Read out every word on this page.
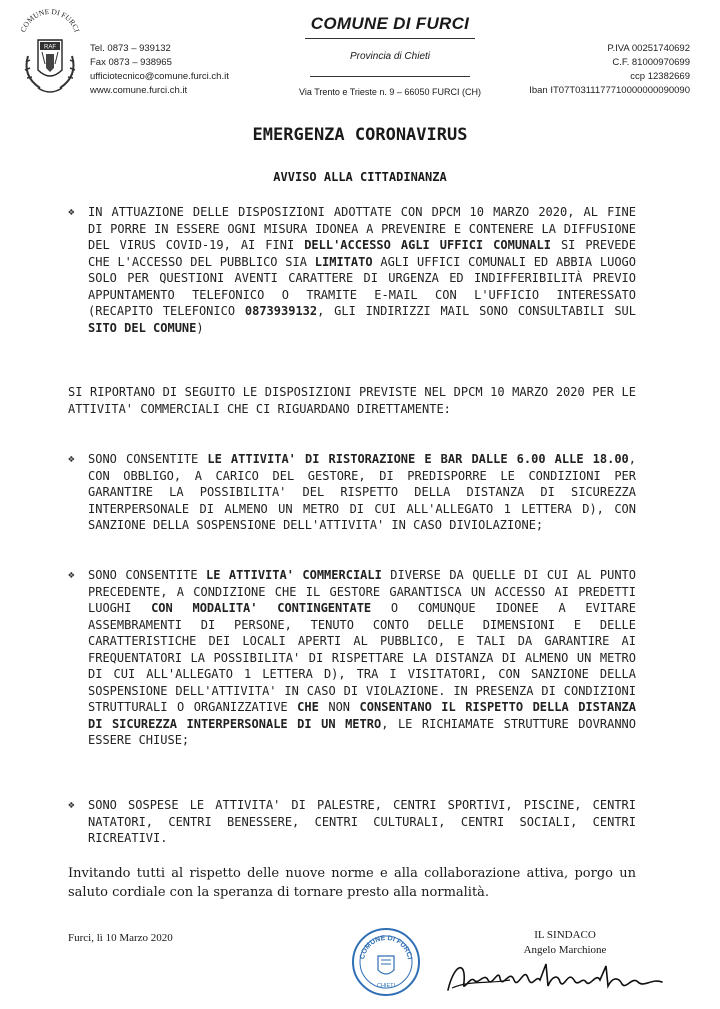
COMUNE DI FURCI
RAF	Tel. 0873 – 939132
Fax 0873 – 938965
ufficiotecnico@comune.furci.ch.it
www.comune.furci.ch.it
COMUNE DI FURCI
Provincia di Chieti
Via Trento e Trieste n. 9 – 66050 FURCI (CH)
P.IVA 00251740692
C.F. 81000970699
ccp 12382669
Iban IT07T0311177710000000090090
EMERGENZA CORONAVIRUS
AVVISO ALLA CITTADINANZA
❖ IN ATTUAZIONE DELLE DISPOSIZIONI ADOTTATE CON DPCM 10 MARZO 2020, AL FINE DI PORRE IN ESSERE OGNI MISURA IDONEA A PREVENIRE E CONTENERE LA DIFFUSIONE DEL VIRUS COVID-19, AI FINI DELL'ACCESSO AGLI UFFICI COMUNALI SI PREVEDE CHE L'ACCESSO DEL PUBBLICO SIA LIMITATO AGLI UFFICI COMUNALI ED ABBIA LUOGO SOLO PER QUESTIONI AVENTI CARATTERE DI URGENZA ED INDIFFERIBILITÀ PREVIO APPUNTAMENTO TELEFONICO O TRAMITE E-MAIL CON L'UFFICIO INTERESSATO (RECAPITO TELEFONICO 0873939132, GLI INDIRIZZI MAIL SONO CONSULTABILI SUL SITO DEL COMUNE)
SI RIPORTANO DI SEGUITO LE DISPOSIZIONI PREVISTE NEL DPCM 10 MARZO 2020 PER LE ATTIVITA' COMMERCIALI CHE CI RIGUARDANO DIRETTAMENTE:
❖ SONO CONSENTITE LE ATTIVITA' DI RISTORAZIONE E BAR DALLE 6.00 ALLE 18.00, CON OBBLIGO, A CARICO DEL GESTORE, DI PREDISPORRE LE CONDIZIONI PER GARANTIRE LA POSSIBILITA' DEL RISPETTO DELLA DISTANZA DI SICUREZZA INTERPERSONALE DI ALMENO UN METRO DI CUI ALL'ALLEGATO 1 LETTERA D), CON SANZIONE DELLA SOSPENSIONE DELL'ATTIVITA' IN CASO DIVIOLAZIONE;
❖ SONO CONSENTITE LE ATTIVITA' COMMERCIALI DIVERSE DA QUELLE DI CUI AL PUNTO PRECEDENTE, A CONDIZIONE CHE IL GESTORE GARANTISCA UN ACCESSO AI PREDETTI LUOGHI CON MODALITA' CONTINGENTATE O COMUNQUE IDONEE A EVITARE ASSEMBRAMENTI DI PERSONE, TENUTO CONTO DELLE DIMENSIONI E DELLE CARATTERISTICHE DEI LOCALI APERTI AL PUBBLICO, E TALI DA GARANTIRE AI FREQUENTATORI LA POSSIBILITA' DI RISPETTARE LA DISTANZA DI ALMENO UN METRO DI CUI ALL'ALLEGATO 1 LETTERA D), TRA I VISITATORI, CON SANZIONE DELLA SOSPENSIONE DELL'ATTIVITA' IN CASO DI VIOLAZIONE. IN PRESENZA DI CONDIZIONI STRUTTURALI O ORGANIZZATIVE CHE NON CONSENTANO IL RISPETTO DELLA DISTANZA DI SICUREZZA INTERPERSONALE DI UN METRO, LE RICHIAMATE STRUTTURE DOVRANNO ESSERE CHIUSE;
❖ SONO SOSPESE LE ATTIVITA' DI PALESTRE, CENTRI SPORTIVI, PISCINE, CENTRI NATATORI, CENTRI BENESSERE, CENTRI CULTURALI, CENTRI SOCIALI, CENTRI RICREATIVI.
Invitando tutti al rispetto delle nuove norme e alla collaborazione attiva, porgo un saluto cordiale con la speranza di tornare presto alla normalità.
Furci, lì 10 Marzo 2020
COMUNE DI FURCI
CHIETI
IL SINDACO
Angelo Marchione
